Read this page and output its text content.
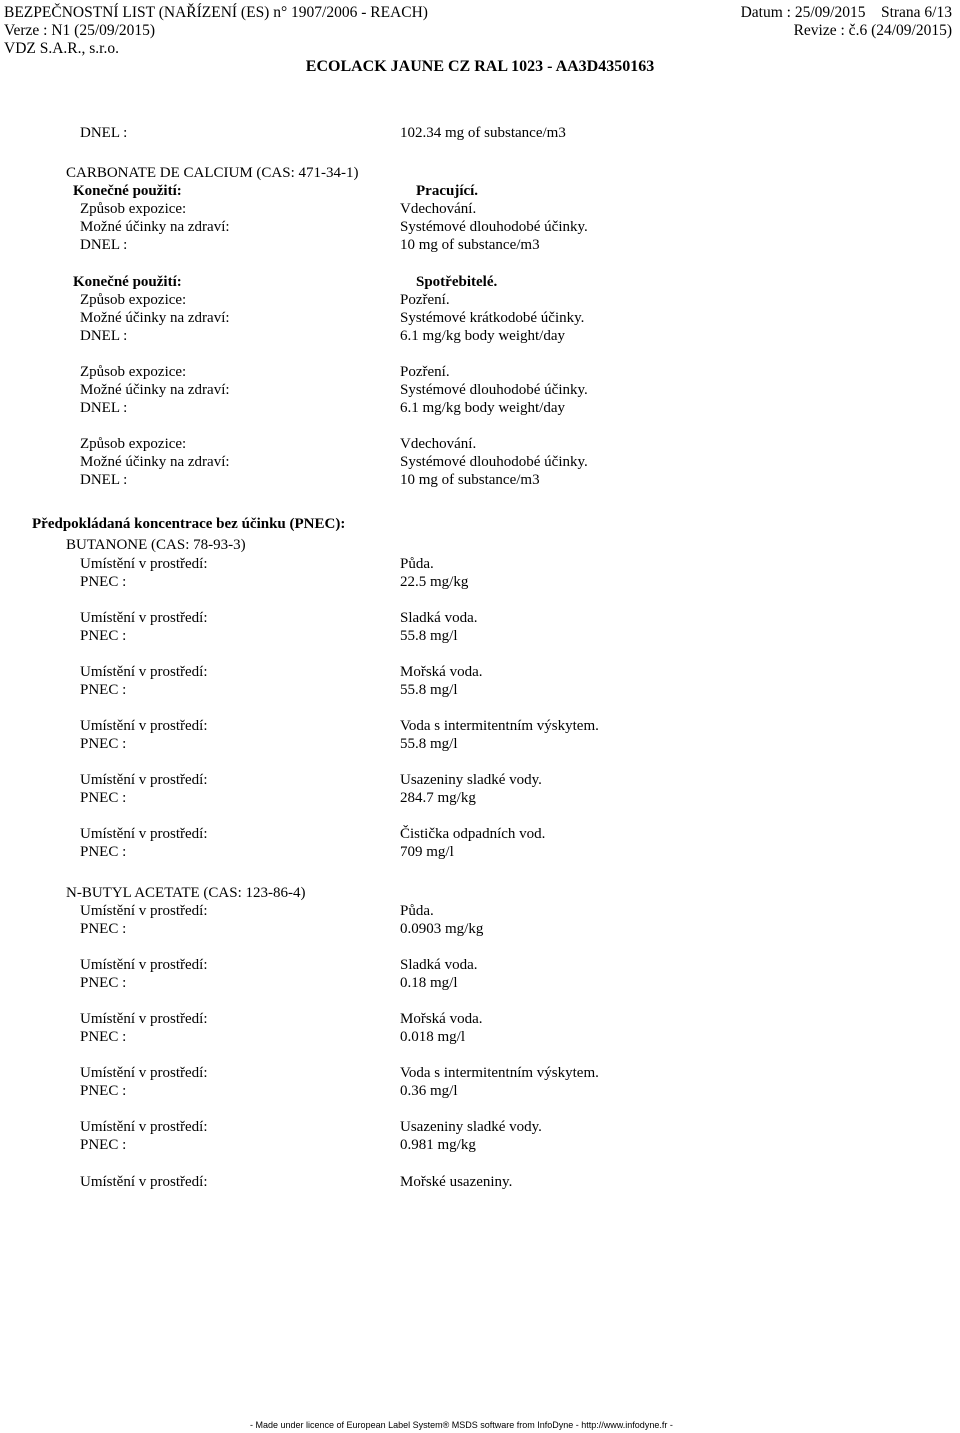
BEZPEČNOSTNÍ LIST (NAŘÍZENÍ (ES) n° 1907/2006 - REACH)
Verze : N1 (25/09/2015)
VDZ S.A.R., s.r.o.
Datum : 25/09/2015    Strana 6/13
Revize : č.6 (24/09/2015)
ECOLACK JAUNE CZ RAL 1023 - AA3D4350163
DNEL :	102.34 mg of substance/m3
CARBONATE DE CALCIUM (CAS: 471-34-1)
Konečné použití:	Pracující.
Způsob expozice:	Vdechování.
Možné účinky na zdraví:	Systémové dlouhodobé účinky.
DNEL :	10 mg of substance/m3
Konečné použití:	Spotřebitelé.
Způsob expozice:	Pozření.
Možné účinky na zdraví:	Systémové krátkodobé účinky.
DNEL :	6.1 mg/kg body weight/day
Způsob expozice:	Pozření.
Možné účinky na zdraví:	Systémové dlouhodobé účinky.
DNEL :	6.1 mg/kg body weight/day
Způsob expozice:	Vdechování.
Možné účinky na zdraví:	Systémové dlouhodobé účinky.
DNEL :	10 mg of substance/m3
Předpokládaná koncentrace bez účinku (PNEC):
BUTANONE (CAS: 78-93-3)
Umístění v prostředí:	Půda.
PNEC :	22.5 mg/kg
Umístění v prostředí:	Sladká voda.
PNEC :	55.8 mg/l
Umístění v prostředí:	Mořská voda.
PNEC :	55.8 mg/l
Umístění v prostředí:	Voda s intermitentním výskytem.
PNEC :	55.8 mg/l
Umístění v prostředí:	Usazeniny sladké vody.
PNEC :	284.7 mg/kg
Umístění v prostředí:	Čistička odpadních vod.
PNEC :	709 mg/l
N-BUTYL ACETATE (CAS: 123-86-4)
Umístění v prostředí:	Půda.
PNEC :	0.0903 mg/kg
Umístění v prostředí:	Sladká voda.
PNEC :	0.18 mg/l
Umístění v prostředí:	Mořská voda.
PNEC :	0.018 mg/l
Umístění v prostředí:	Voda s intermitentním výskytem.
PNEC :	0.36 mg/l
Umístění v prostředí:	Usazeniny sladké vody.
PNEC :	0.981 mg/kg
Umístění v prostředí:	Mořské usazeniny.
- Made under licence of European Label System® MSDS software from InfoDyne - http://www.infodyne.fr -
